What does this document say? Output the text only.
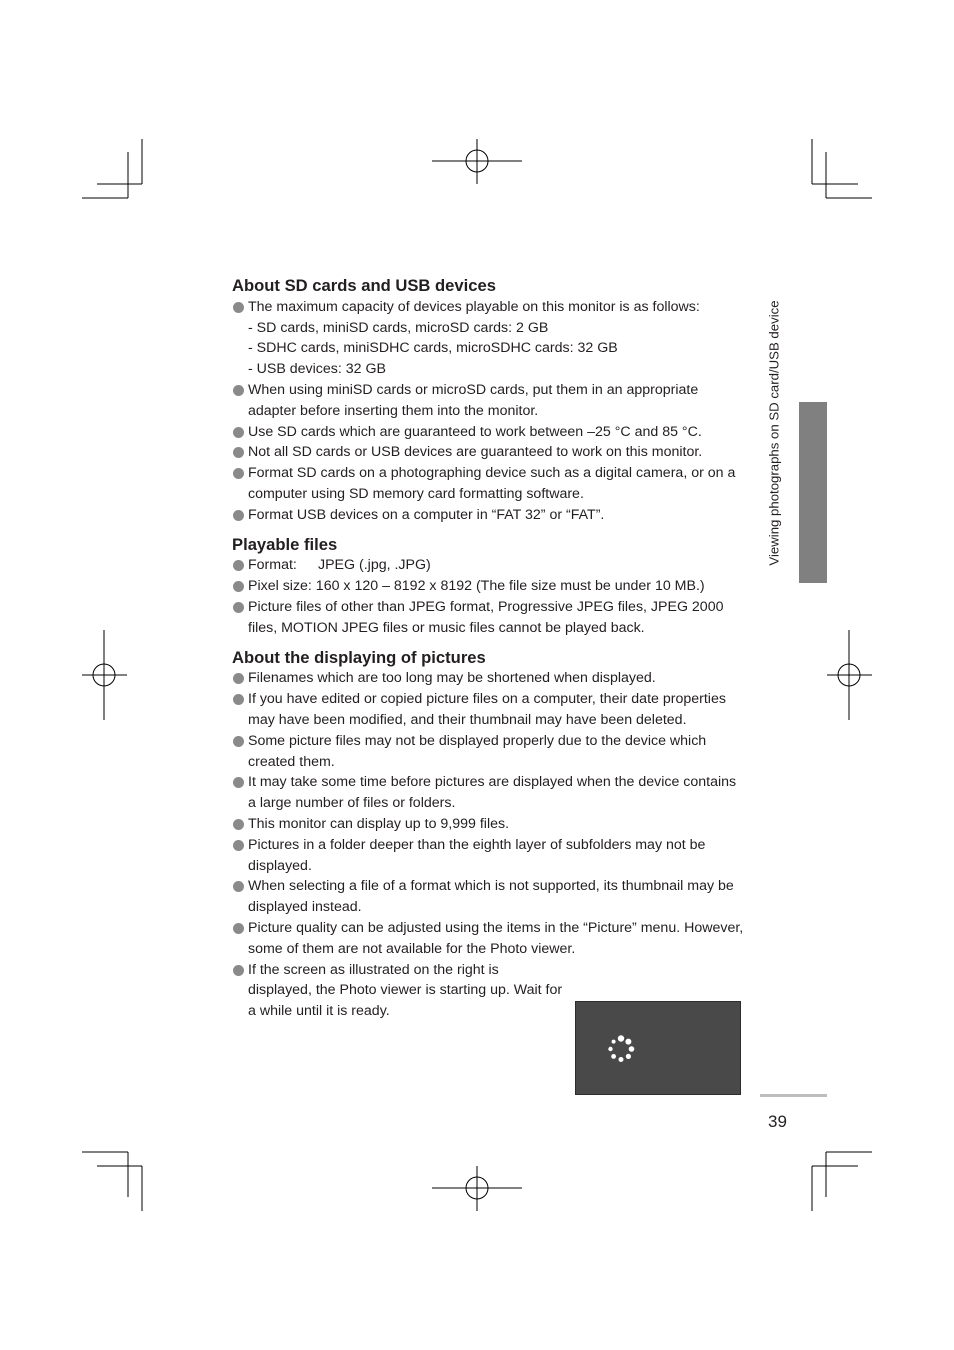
About SD cards and USB devices
The maximum capacity of devices playable on this monitor is as follows:
- SD cards, miniSD cards, microSD cards: 2 GB
- SDHC cards, miniSDHC cards, microSDHC cards: 32 GB
- USB devices: 32 GB
When using miniSD cards or microSD cards, put them in an appropriate adapter before inserting them into the monitor.
Use SD cards which are guaranteed to work between –25 °C and 85 °C.
Not all SD cards or USB devices are guaranteed to work on this monitor.
Format SD cards on a photographing device such as a digital camera, or on a computer using SD memory card formatting software.
Format USB devices on a computer in “FAT 32” or “FAT”.
Playable files
Format: JPEG (.jpg, .JPG)
Pixel size: 160 x 120 – 8192 x 8192 (The file size must be under 10 MB.)
Picture files of other than JPEG format, Progressive JPEG files, JPEG 2000 files, MOTION JPEG files or music files cannot be played back.
About the displaying of pictures
Filenames which are too long may be shortened when displayed.
If you have edited or copied picture files on a computer, their date properties may have been modified, and their thumbnail may have been deleted.
Some picture files may not be displayed properly due to the device which created them.
It may take some time before pictures are displayed when the device contains a large number of files or folders.
This monitor can display up to 9,999 files.
Pictures in a folder deeper than the eighth layer of subfolders may not be displayed.
When selecting a file of a format which is not supported, its thumbnail may be displayed instead.
Picture quality can be adjusted using the items in the “Picture” menu. However, some of them are not available for the Photo viewer.
If the screen as illustrated on the right is displayed, the Photo viewer is starting up. Wait for a while until it is ready.
Viewing photographs on SD card/USB device
39
